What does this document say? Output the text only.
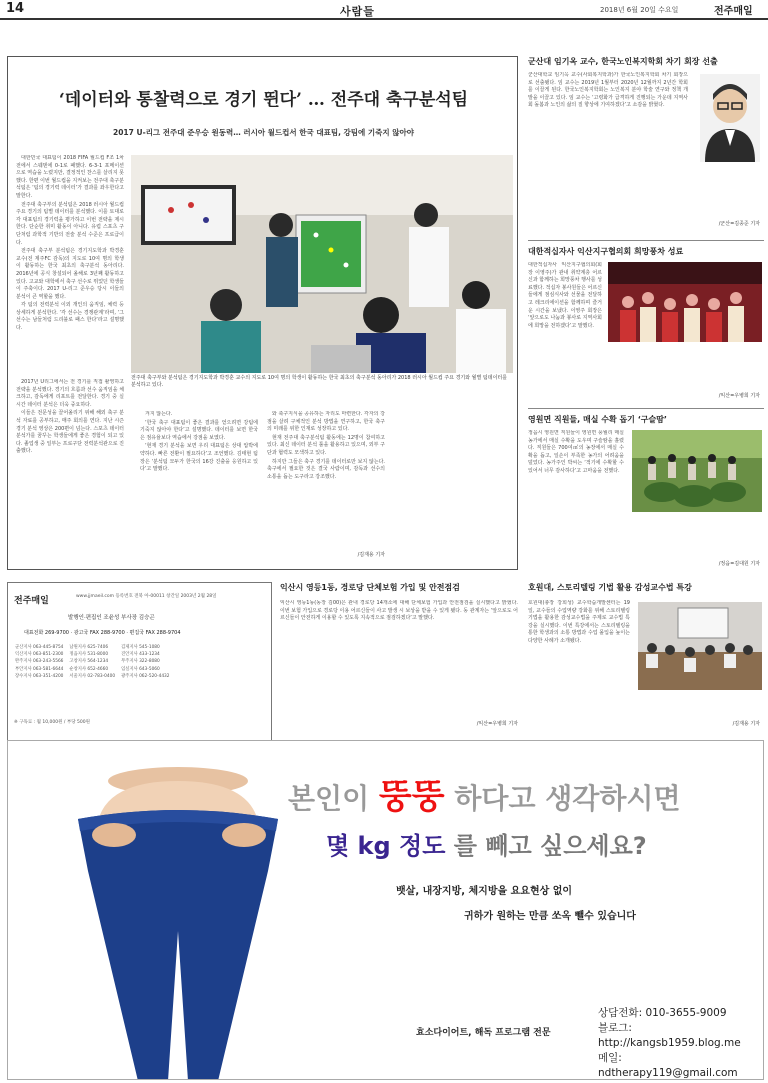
14	사람들	2018년 6월 20일 수요일	전주매일
‘데이터와 통찰력으로 경기 뛴다’ … 전주대 축구분석팀
2017 U-리그 전주대 준우승 원동력… 러시아 월드컵서 한국 대표팀, 강팀에 기죽지 않아야

대한민국 대표팀이 2018 FIFA 월드컵 F조 1차전에서 스웨덴에 0-1로 패했다. 6-3-1 포메이션으로 역습을 노렸지만, 결정적인 찬스를 살리지 못했다. 한편 이번 월드컵을 지켜보는 전주대 축구분석팀은 ‘팀의 경기력 데이터’가 결과를 좌우한다고 말한다.

전주대 축구부의 분석팀은 2018 러시아 월드컵 주요 경기의 팀별 데이터를 분석했다. 이를 토대로 각 대표팀의 경기력을 평가하고 이번 전략을 제시한다. 단순한 취미 활동이 아니다. 유럽 스포츠 구단처럼 과학적 기반의 전술 분석 수준은 프로급이다.

전주대 축구부 분석팀은 경기지도학과 박경훈 교수(전 제주FC 감독)의 지도로 10여 명의 학생이 활동하는 한국 최초의 축구분석 동아리다. 2016년에 공식 창설되어 올해로 3년째 활동하고 있다. 고교와 대학에서 축구 선수로 뛰었던 학생들이 주축이다. 2017 U-리그 준우승 당시 이들의 분석이 큰 역할을 했다.

각 팀의 전력분석 이외 개인의 움직임, 체력 등 상세하게 분석한다. ‘각 선수는 경쟁관계’라며, ‘그 선수는 남들처럼 드리블로 패스 한다’라고 설명했다.

전주대 축구부와 분석팀은 경기지도학과 박경훈 교수의 지도로 10여 명의 학생이 활동하는 한국 최초의 축구분석 동아리가 2018 러시아 월드컵 주요 경기와 월별 팀데이터를 분석하고 있다.

2017년 U리그에서는 전 경기를 직접 촬영하고 전략을 분석했다. 경기의 흐름과 선수 움직임을 체크하고, 감독에게 리포트를 전달한다. 경기 중 실시간 데이터 분석은 더욱 중요하다.

이들은 전문성을 끌어올리기 위해 해외 축구 분석 자료를 공부하고, 매주 회의를 연다. 지난 시즌 경기 분석 영상은 200편이 넘는다. 스포츠 데이터 분석가를 꿈꾸는 학생들에게 좋은 경험이 되고 있다. 졸업생 중 일부는 프로구단 전력분석관으로 진출했다.

겨지 않는다.

‘한국 축구 대표팀이 좋은 결과를 얻으려면 강팀에 기죽지 않아야 한다’고 설명했다. 데이터를 보면 한국은 점유율보다 역습에서 강점을 보였다.

‘현재 경기 분석을 보면 우리 대표팀은 상대 압박에 약하다. 빠른 전환이 필요하다’고 조언했다. 김태현 팀장은 ‘분석팀 모두가 한국의 16강 진출을 응원하고 있다’고 말했다.

와 축구지식을 공유하는 자리도 마련한다. 각자의 강점을 살려 구체적인 분석 방법을 연구하고, 한국 축구의 미래를 위한 인재로 성장하고 있다.

현재 전주대 축구분석팀 활동에는 12명이 참여하고 있다. 최신 데이터 분석 툴을 활용하고 있으며, 외부 구단과 협력도 모색하고 있다.

하지만 그들은 축구 경기를 데이터로만 보지 않는다. 축구에서 필요한 것은 결국 사람이며, 감독과 선수의 소통을 돕는 도구라고 강조했다.

/김재용 기자
군산대 임기옥 교수, 한국노인복지학회 차기 회장 선출
군산대학교 임기옥 교수(사회복지학과)가 한국노인복지학회 차기 회장으로 선출됐다. 임 교수는 2019년 1월부터 2020년 12월까지 2년간 학회를 이끌게 된다. 한국노인복지학회는 노인복지 분야 학술 연구와 정책 개발을 이끌고 있다. 임 교수는 ‘고령화가 급격하게 진행되는 가운데 지역사회 돌봄과 노인의 삶의 질 향상에 기여하겠다’고 소감을 밝혔다.
/군산=김종준 기자
대한적십자사 익산지구협의회 희망풍차 성료
대한적십자사 익산지구협의회(회장 이영주)가 관내 취약계층 어르신과 함께하는 희망풍차 행사를 성료했다. 적십자 봉사원들은 어르신들에게 점심식사와 선물을 전달하고 레크리에이션을 함께하며 즐거운 시간을 보냈다. 이영주 회장은 ‘앞으로도 나눔과 봉사로 지역사회에 희망을 전하겠다’고 말했다.
/익산=우병희 기자
영원면 직원들, 매실 수확 돕기 ‘구슬땀’
정읍시 영원면 직원들이 영원면 풍월리 매실 농가에서 매실 수확을 도우며 구슬땀을 흘렸다. 직원들은 700여㎡의 농장에서 매실 수확을 돕고, 일손이 부족한 농가의 어려움을 덜었다. 농가주인 박씨는 ‘적기에 수확할 수 있어서 너무 감사하다’고 고마움을 전했다.
/정읍=김대원 기자
전주매일	www.jjmaeil.com 등록번호 전북 아-00011 창간일 2003년 2월 28일
발행인·편집인 조윤성 부사장 김승곤
대표전화 269-9700 · 광고국 FAX 288-9700 · 편집국 FAX 288-9704
군산지사 063-445-8754	남원지사 625-7406	김제지사 545-1080
익산지사 063-851-2300	정읍지사 531-8000	진안지사 433-1234
완주지사 063-243-5566	고창지사 564-1234	무주지사 322-8080
부안지사 063-581-6644	순창지사 652-4660	임실지사 643-5060
장수지사 063-351-4200	서울지사 02-783-0400	광주지사 062-520-4432
※ 구독료 : 월 10,000원 / 부당 500원
익산시 영등1동, 경로당 단체보험 가입 및 안전점검
익산시 영등1동(동장 김00)은 관내 경로당 14개소에 대해 단체보험 가입과 안전점검을 실시했다고 밝혔다. 이번 보험 가입으로 경로당 이용 어르신들이 사고 발생 시 보상을 받을 수 있게 됐다. 동 관계자는 ‘앞으로도 어르신들이 안전하게 이용할 수 있도록 지속적으로 점검하겠다’고 말했다.
/익산=우병희 기자
호원대, 스토리텔링 기법 활용 감성교수법 특강
호원대(총장 강희성) 교수학습개발센터는 19일, 교수들의 수업역량 강화를 위해 스토리텔링 기법을 활용한 감성교수법을 주제로 교수법 특강을 실시했다. 이번 특강에서는 스토리텔링을 통한 학생과의 소통 방법과 수업 몰입을 높이는 다양한 사례가 소개됐다.
/김재용 기자
본인이 뚱뚱 하다고 생각하시면
몇 kg 정도 를 빼고 싶으세요?
뱃살, 내장지방, 체지방을 요요현상 없이
귀하가 원하는 만큼 쏘옥 뺄수 있습니다
효소다이어트, 해독 프로그램 전문
상담전화: 010-3655-9009
블로그: http://kangsb1959.blog.me
메일: ndtherapy119@gmail.com
